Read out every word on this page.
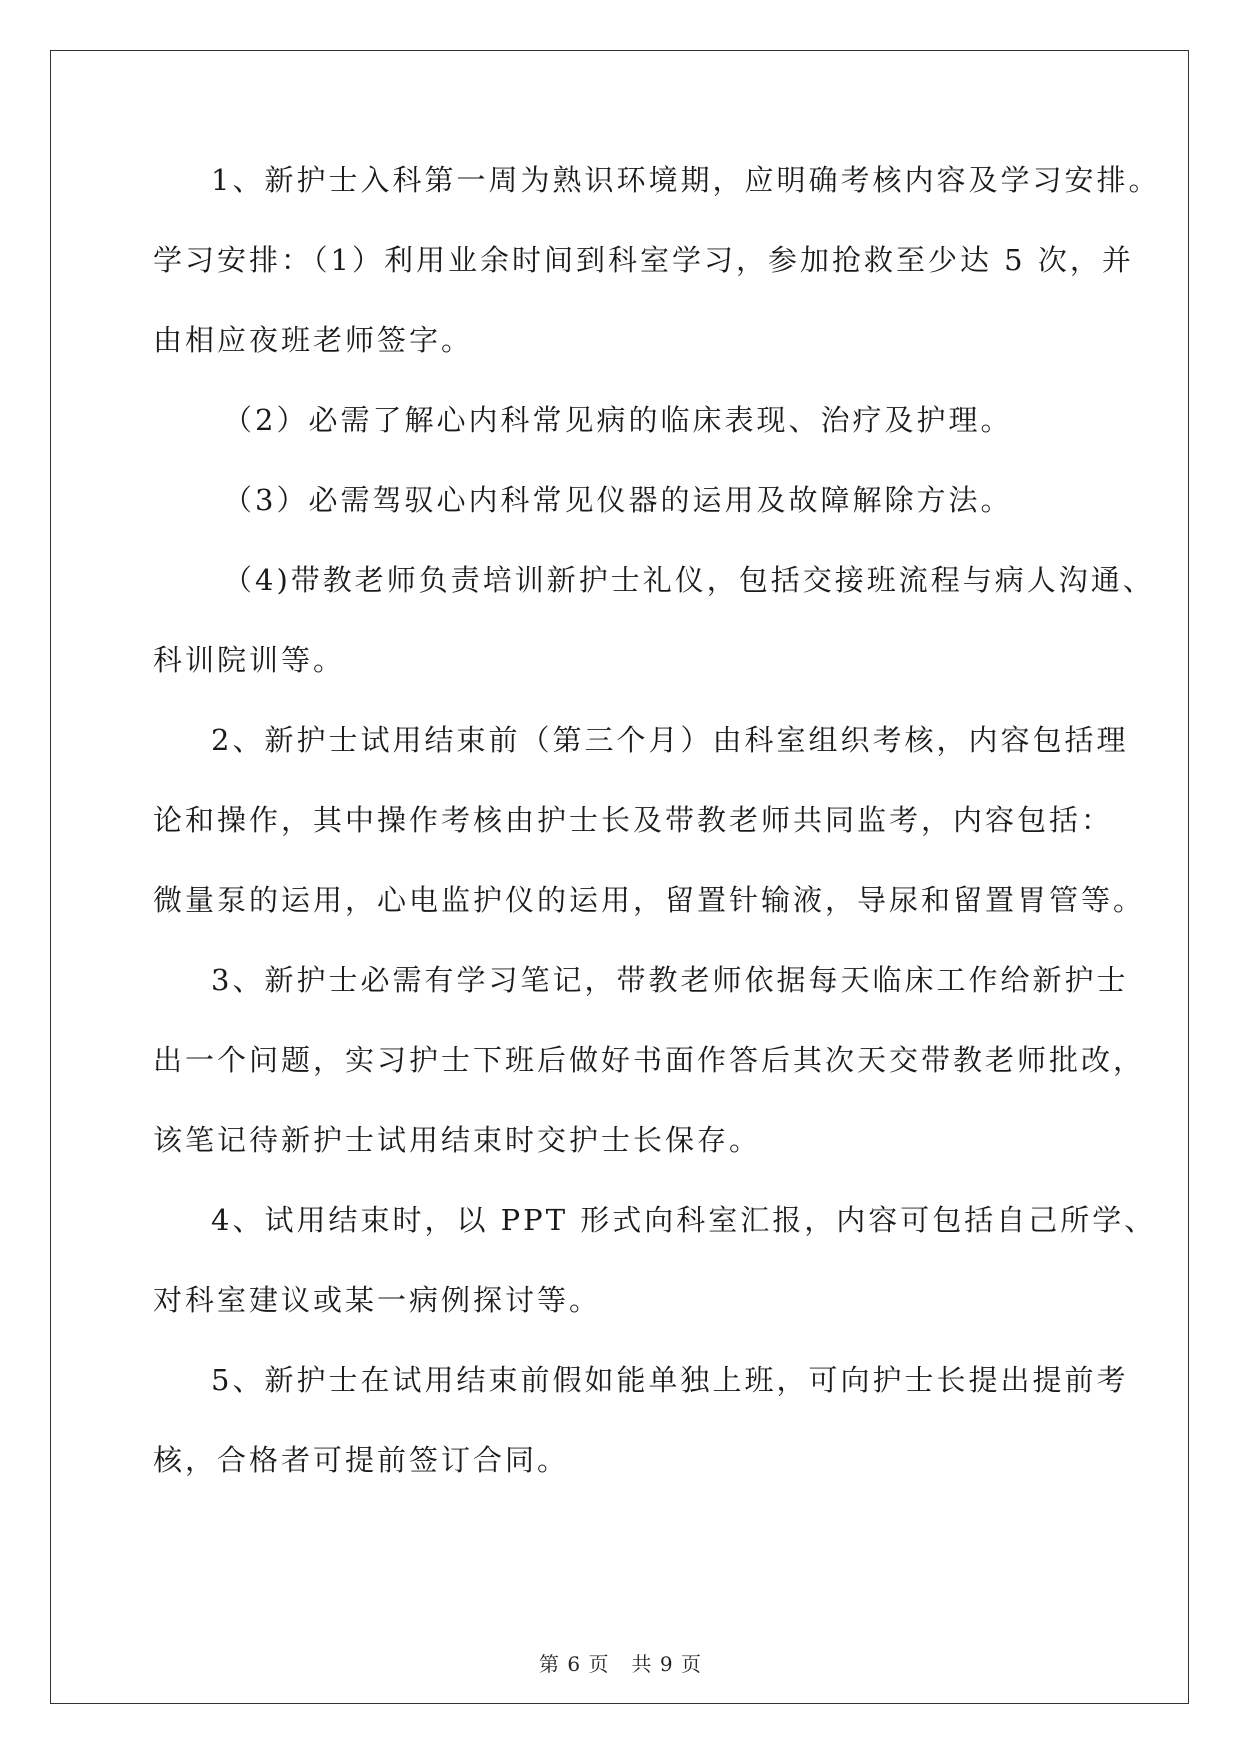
1、新护士入科第一周为熟识环境期，应明确考核内容及学习安排。
学习安排：（1）利用业余时间到科室学习，参加抢救至少达 5 次，并
由相应夜班老师签字。
（2）必需了解心内科常见病的临床表现、治疗及护理。
（3）必需驾驭心内科常见仪器的运用及故障解除方法。
（4)带教老师负责培训新护士礼仪，包括交接班流程与病人沟通、
科训院训等。
2、新护士试用结束前（第三个月）由科室组织考核，内容包括理
论和操作，其中操作考核由护士长及带教老师共同监考，内容包括：
微量泵的运用，心电监护仪的运用，留置针输液，导尿和留置胃管等。
3、新护士必需有学习笔记，带教老师依据每天临床工作给新护士
出一个问题，实习护士下班后做好书面作答后其次天交带教老师批改，
该笔记待新护士试用结束时交护士长保存。
4、试用结束时，以 PPT 形式向科室汇报，内容可包括自己所学、
对科室建议或某一病例探讨等。
5、新护士在试用结束前假如能单独上班，可向护士长提出提前考
核，合格者可提前签订合同。
第 6 页 共 9 页
